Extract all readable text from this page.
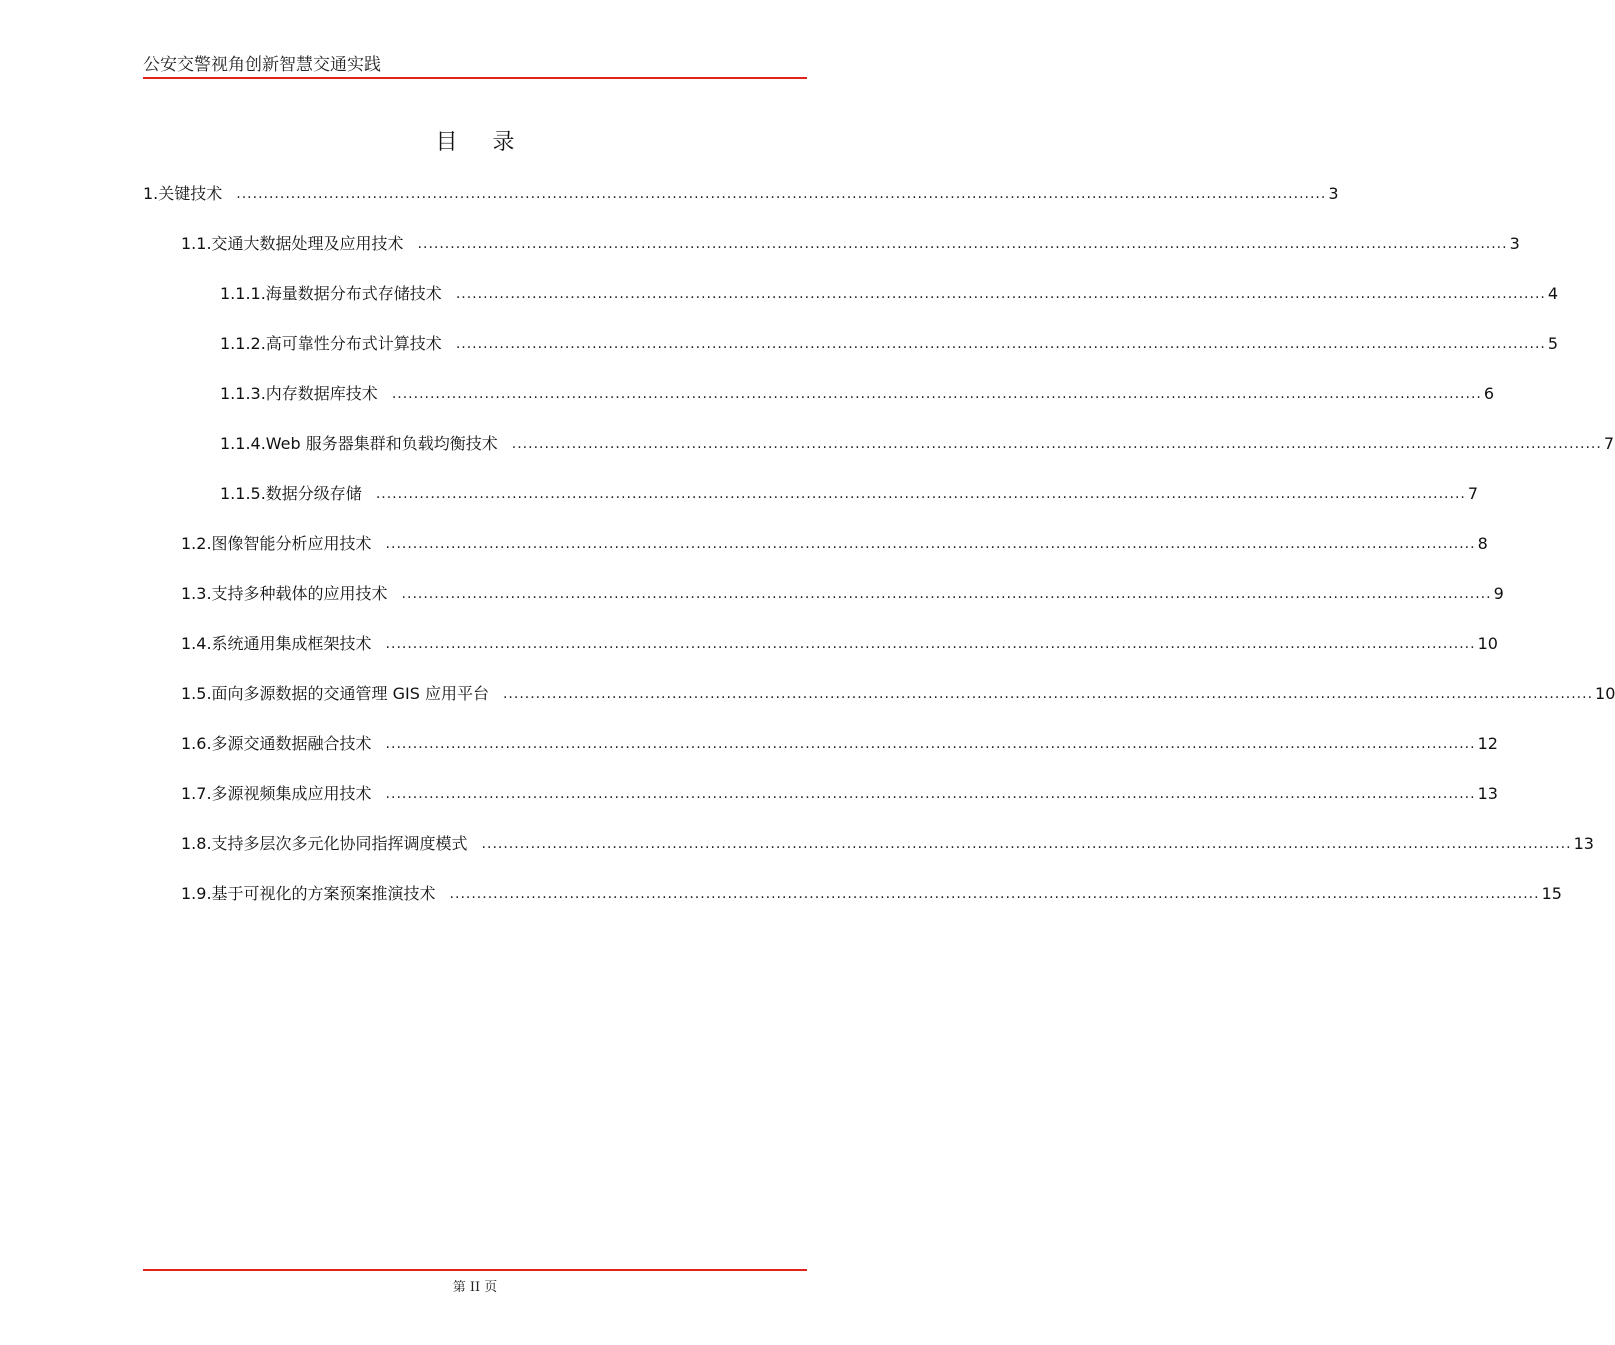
公安交警视角创新智慧交通实践
目 录
1. 关键技术 ........................................................................................................................................................................................................ 3
1.1. 交通大数据处理及应用技术 ........................................................................................................................................................................................................ 3
1.1.1. 海量数据分布式存储技术 ........................................................................................................................................................................................................ 4
1.1.2. 高可靠性分布式计算技术 ........................................................................................................................................................................................................ 5
1.1.3. 内存数据库技术 ........................................................................................................................................................................................................ 6
1.1.4. Web 服务器集群和负载均衡技术 ........................................................................................................................................................................................................ 7
1.1.5. 数据分级存储 ........................................................................................................................................................................................................ 7
1.2. 图像智能分析应用技术 ........................................................................................................................................................................................................ 8
1.3. 支持多种载体的应用技术 ........................................................................................................................................................................................................ 9
1.4. 系统通用集成框架技术 ........................................................................................................................................................................................................ 10
1.5. 面向多源数据的交通管理 GIS 应用平台 ........................................................................................................................................................................................................ 10
1.6. 多源交通数据融合技术 ........................................................................................................................................................................................................ 12
1.7. 多源视频集成应用技术 ........................................................................................................................................................................................................ 13
1.8. 支持多层次多元化协同指挥调度模式 ........................................................................................................................................................................................................ 13
1.9. 基于可视化的方案预案推演技术 ........................................................................................................................................................................................................ 15
第 II 页
